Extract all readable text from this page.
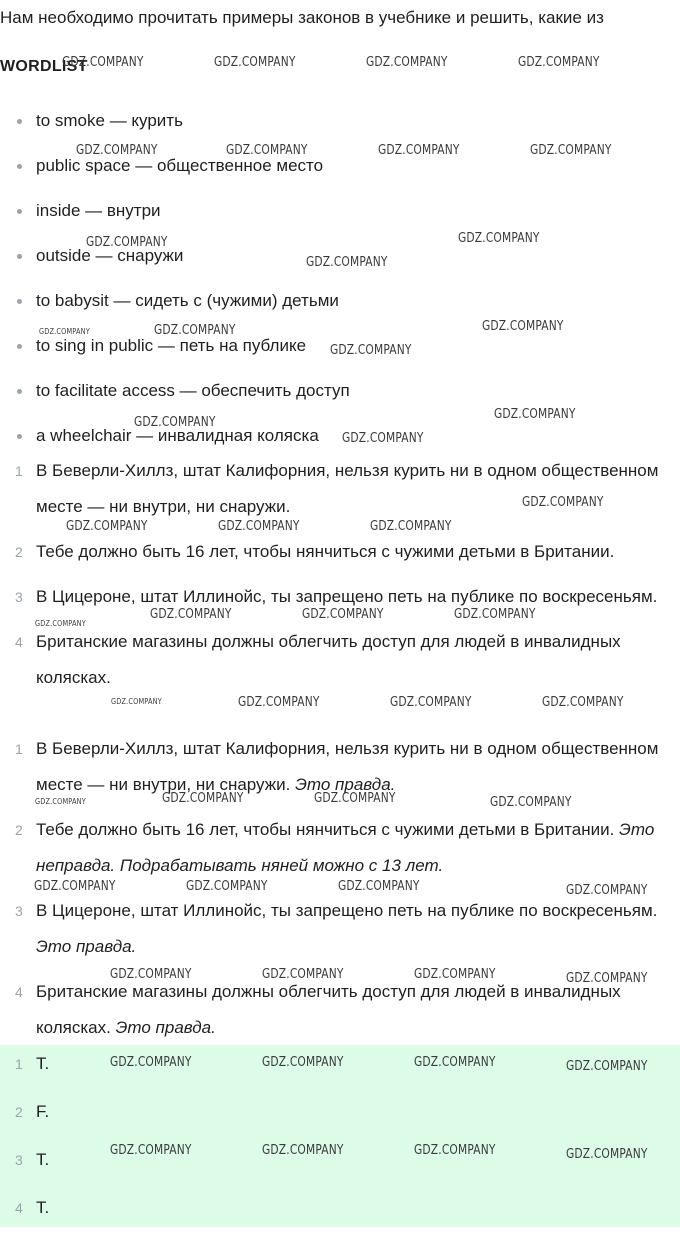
Нам необходимо прочитать примеры законов в учебнике и решить, какие из
WORDLIST
to smoke — курить
public space — общественное место
inside — внутри
outside — снаружи
to babysit — сидеть с (чужими) детьми
to sing in public — петь на публике
to facilitate access — обеспечить доступ
a wheelchair — инвалидная коляска
1 В Беверли-Хиллз, штат Калифорния, нельзя курить ни в одном общественном месте — ни внутри, ни снаружи.
2 Тебе должно быть 16 лет, чтобы нянчиться с чужими детьми в Британии.
3 В Цицероне, штат Иллинойс, ты запрещено петь на публике по воскресеньям.
4 Британские магазины должны облегчить доступ для людей в инвалидных колясках.
1 В Беверли-Хиллз, штат Калифорния, нельзя курить ни в одном общественном месте — ни внутри, ни снаружи. Это правда.
2 Тебе должно быть 16 лет, чтобы нянчиться с чужими детьми в Британии. Это неправда. Подрабатывать няней можно с 13 лет.
3 В Цицероне, штат Иллинойс, ты запрещено петь на публике по воскресеньям. Это правда.
4 Британские магазины должны облегчить доступ для людей в инвалидных колясках. Это правда.
1 T.
2 F.
3 T.
4 T.
GDZ.COMPANY	GDZ.COMPANY	GDZ.COMPANY	GDZ.COMPANY
GDZ.COMPANY	GDZ.COMPANY	GDZ.COMPANY	GDZ.COMPANY
GDZ.COMPANY	GDZ.COMPANY
GDZ.COMPANY
GDZ.COMPANY	GDZ.COMPANY	GDZ.COMPANY
GDZ.COMPANY
GDZ.COMPANY
GDZ.COMPANY
GDZ.COMPANY
GDZ.COMPANY
GDZ.COMPANY	GDZ.COMPANY	GDZ.COMPANY
GDZ.COMPANY
GDZ.COMPANY	GDZ.COMPANY	GDZ.COMPANY
GDZ.COMPANY	GDZ.COMPANY	GDZ.COMPANY	GDZ.COMPANY
GDZ.COMPANY	GDZ.COMPANY	GDZ.COMPANY	GDZ.COMPANY
GDZ.COMPANY	GDZ.COMPANY	GDZ.COMPANY	GDZ.COMPANY
GDZ.COMPANY	GDZ.COMPANY	GDZ.COMPANY	GDZ.COMPANY
GDZ.COMPANY	GDZ.COMPANY	GDZ.COMPANY	GDZ.COMPANY
GDZ.COMPANY	GDZ.COMPANY	GDZ.COMPANY	GDZ.COMPANY
